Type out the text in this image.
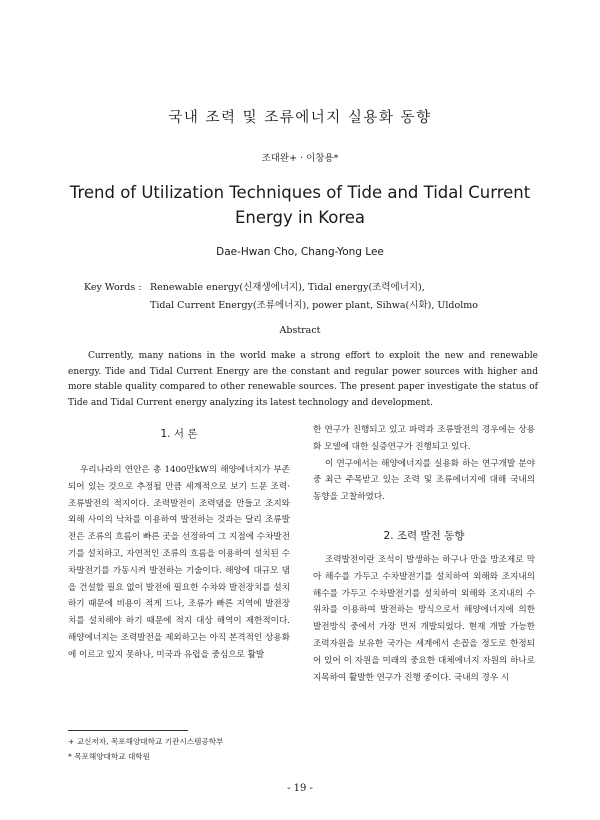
국내 조력 및 조류에너지 실용화 동향
조대완+ · 이창용*
Trend of Utilization Techniques of Tide and Tidal Current
Energy in Korea
Dae-Hwan Cho, Chang-Yong Lee
Key Words : Renewable energy(신재생에너지), Tidal energy(조력에너지),
Tidal Current Energy(조류에너지), power plant, Sihwa(시화), Uldolmo
Abstract

Currently, many nations in the world make a strong effort to exploit the new and renewable energy. Tide and Tidal Current Energy are the constant and regular power sources with higher and more stable quality compared to other renewable sources. The present paper investigate the status of Tide and Tidal Current energy analyzing its latest technology and development.

1. 서 론

우리나라의 연안은 총 1400만kW의 해양에너지가 부존되어 있는 것으로 추정될 만큼 세계적으로 보기 드문 조력·조류발전의 적지이다. 조력발전이 조력댐을 만들고 조지와 외해 사이의 낙차를 이용하여 발전하는 것과는 달리 조류발전은 조류의 흐름이 빠른 곳을 선정하여 그 지점에 수차발전기를 설치하고, 자연적인 조류의 흐름을 이용하여 설치된 수차발전기를 가동시켜 발전하는 기술이다. 해양에 대규모 댐을 건설할 필요 없이 발전에 필요한 수차와 발전장치를 설치하기 때문에 비용이 적게 드나, 조류가 빠른 지역에 발전장치를 설치해야 하기 때문에 적지 대상 해역이 제한적이다. 해양에너지는 조력발전을 제외하고는 아직 본격적인 상용화에 이르고 있지 못하나, 미국과 유럽을 중심으로 활발

한 연구가 진행되고 있고 파력과 조류발전의 경우에는 상용화 모델에 대한 실증연구가 진행되고 있다.

이 연구에서는 해양에너지를 실용화 하는 연구개발 분야 중 최근 주목받고 있는 조력 및 조류에너지에 대해 국내의 동향을 고찰하였다.

2. 조력 발전 동향

조력발전이란 조석이 발생하는 하구나 만을 방조제로 막아 해수를 가두고 수차발전기를 설치하여 외해와 조지내의 해수를 가두고 수차발전기를 설치하여 외해와 조지내의 수위차를 이용하여 발전하는 방식으로서 해양에너지에 의한 발전방식 중에서 가장 먼저 개발되었다. 현재 개발 가능한 조력자원을 보유한 국가는 세계에서 손꼽을 정도로 한정되어 있어 이 자원을 미래의 중요한 대체에너지 자원의 하나로 지목하여 활발한 연구가 진행 중이다. 국내의 경우 시

+ 교신저자, 목포해양대학교 기관시스템공학부
* 목포해양대학교 대학원
- 19 -
